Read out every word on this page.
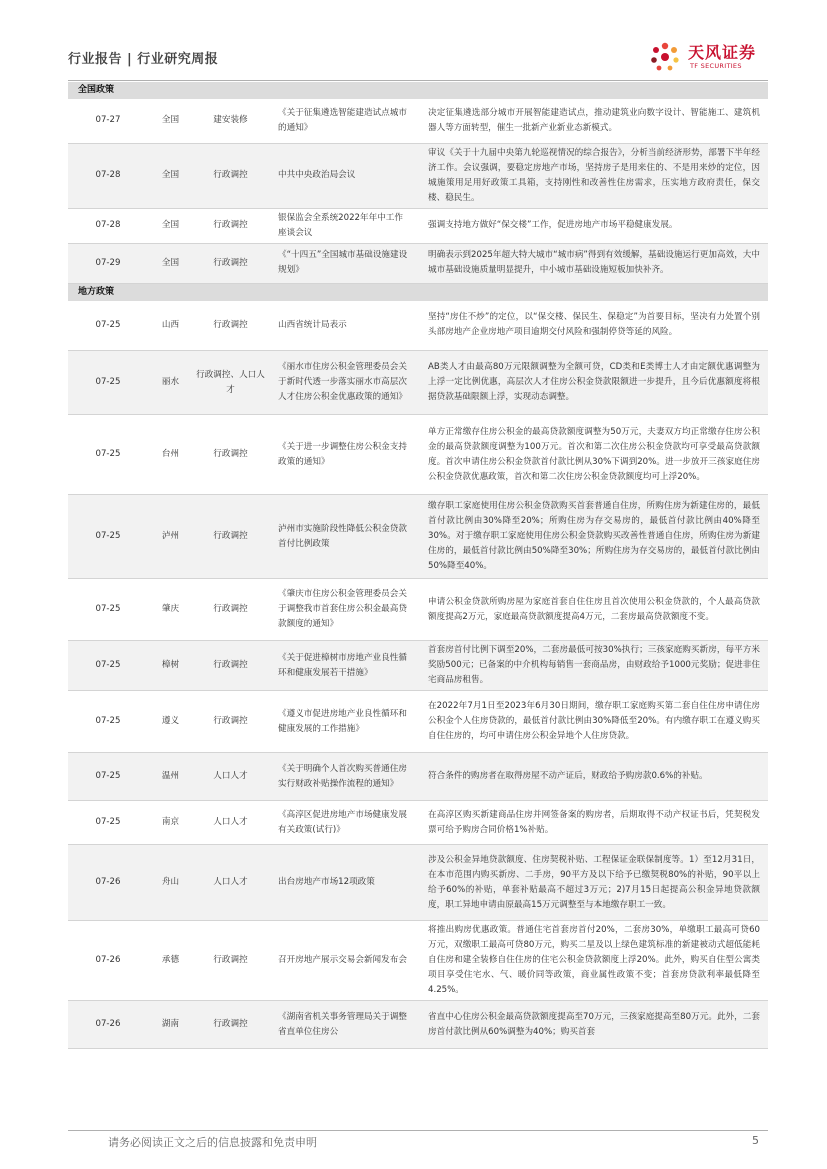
行业报告 | 行业研究周报	天风证券
TF SECURITIES
全国政策				
07-27	全国	建安装修	《关于征集遴选智能建造试点城市的通知》	决定征集遴选部分城市开展智能建造试点，推动建筑业向数字设计、智能施工、建筑机器人等方面转型，催生一批新产业新业态新模式。
07-28	全国	行政调控	中共中央政治局会议	审议《关于十九届中央第九轮巡视情况的综合报告》，分析当前经济形势，部署下半年经济工作。会议强调，要稳定房地产市场，坚持房子是用来住的、不是用来炒的定位，因城施策用足用好政策工具箱，支持刚性和改善性住房需求，压实地方政府责任，保交楼、稳民生。
07-28	全国	行政调控	银保监会全系统2022年年中工作座谈会议	强调支持地方做好“保交楼”工作，促进房地产市场平稳健康发展。
07-29	全国	行政调控	《“十四五”全国城市基础设施建设规划》	明确表示到2025年超大特大城市“城市病”得到有效缓解，基础设施运行更加高效，大中城市基础设施质量明显提升，中小城市基础设施短板加快补齐。
地方政策				
07-25	山西	行政调控	山西省统计局表示	坚持“房住不炒”的定位，以“保交楼、保民生、保稳定”为首要目标，坚决有力处置个别头部房地产企业房地产项目逾期交付风险和强制停贷等延的风险。
07-25	丽水	行政调控、人口人才	《丽水市住房公积金管理委员会关于新时代透一步落实丽水市高层次人才住房公积金优惠政策的通知》	AB类人才由最高80万元限额调整为全额可贷，CD类和E类博士人才由定额优惠调整为上浮一定比例优惠，高层次人才住房公积金贷款限额进一步提升，且今后优惠额度将根据贷款基础限额上浮，实现动态调整。
07-25	台州	行政调控	《关于进一步调整住房公积金支持政策的通知》	单方正常缴存住房公积金的最高贷款额度调整为50万元，夫妻双方均正常缴存住房公积金的最高贷款额度调整为100万元。首次和第二次住房公积金贷款均可享受最高贷款额度。首次申请住房公积金贷款首付款比例从30%下调到20%。进一步放开三孩家庭住房公积金贷款优惠政策，首次和第二次住房公积金贷款额度均可上浮20%。
07-25	泸州	行政调控	泸州市实施阶段性降低公积金贷款首付比例政策	缴存职工家庭使用住房公积金贷款购买首套普通自住房，所购住房为新建住房的，最低首付款比例由30%降至20%；所购住房为存交易房的，最低首付款比例由40%降至30%。对于缴存职工家庭使用住房公积金贷款购买改善性普通自住房，所购住房为新建住房的，最低首付款比例由50%降至30%；所购住房为存交易房的，最低首付款比例由50%降至40%。
07-25	肇庆	行政调控	《肇庆市住房公积金管理委员会关于调整我市首套住房公积金最高贷款额度的通知》	申请公积金贷款所购房屋为家庭首套自住住房且首次使用公积金贷款的，个人最高贷款额度提高2万元，家庭最高贷款额度提高4万元，二套房最高贷款额度不变。
07-25	樟树	行政调控	《关于促进樟树市房地产业良性循环和健康发展若干措施》	首套房首付比例下调至20%，二套房最低可按30%执行；三孩家庭购买新房，每平方米奖励500元；已备案的中介机构每销售一套商品房，由财政给予1000元奖励；促进非住宅商品房租售。
07-25	遵义	行政调控	《遵义市促进房地产业良性循环和健康发展的工作措施》	在2022年7月1日至2023年6月30日期间，缴存职工家庭购买第二套自住住房申请住房公积金个人住房贷款的，最低首付款比例由30%降低至20%。有内缴存职工在遵义购买自住住房的，均可申请住房公积金异地个人住房贷款。
07-25	温州	人口人才	《关于明确个人首次购买普通住房实行财政补贴操作流程的通知》	符合条件的购房者在取得房屋不动产证后，财政给予购房款0.6%的补贴。
07-25	南京	人口人才	《高淳区促进房地产市场健康发展有关政策(试行)》	在高淳区购买新建商品住房并网签备案的购房者，后期取得不动产权证书后，凭契税发票可给予购房合同价格1%补贴。
07-26	舟山	人口人才	出台房地产市场12项政策	涉及公积金异地贷款额度、住房契税补贴、工程保证金联保制度等。1）至12月31日，在本市范围内购买新房、二手房，90平方及以下给予已缴契税80%的补贴，90平以上给予60%的补贴，单套补贴最高不超过3万元；2)7月15日起提高公积金异地贷款额度，职工异地申请由原最高15万元调整至与本地缴存职工一致。
07-26	承德	行政调控	召开房地产展示交易会新闻发布会	将推出购房优惠政策。普通住宅首套房首付20%，二套房30%，单缴职工最高可贷60万元，双缴职工最高可贷80万元，购买二星及以上绿色建筑标准的新建被动式超低能耗自住房和建全装修自住住房的住宅公积金贷款额度上浮20%。此外，购买自住型公寓类项目享受住宅水、气、暖价同等政策，商业属性政策不变；首套房贷款利率最低降至4.25%。
07-26	湖南	行政调控	《湖南省机关事务管理局关于调整省直单位住房公	省直中心住房公积金最高贷款额度提高至70万元，三孩家庭提高至80万元。此外，二套房首付款比例从60%调整为40%；购买首套
请务必阅读正文之后的信息披露和免责申明	5
